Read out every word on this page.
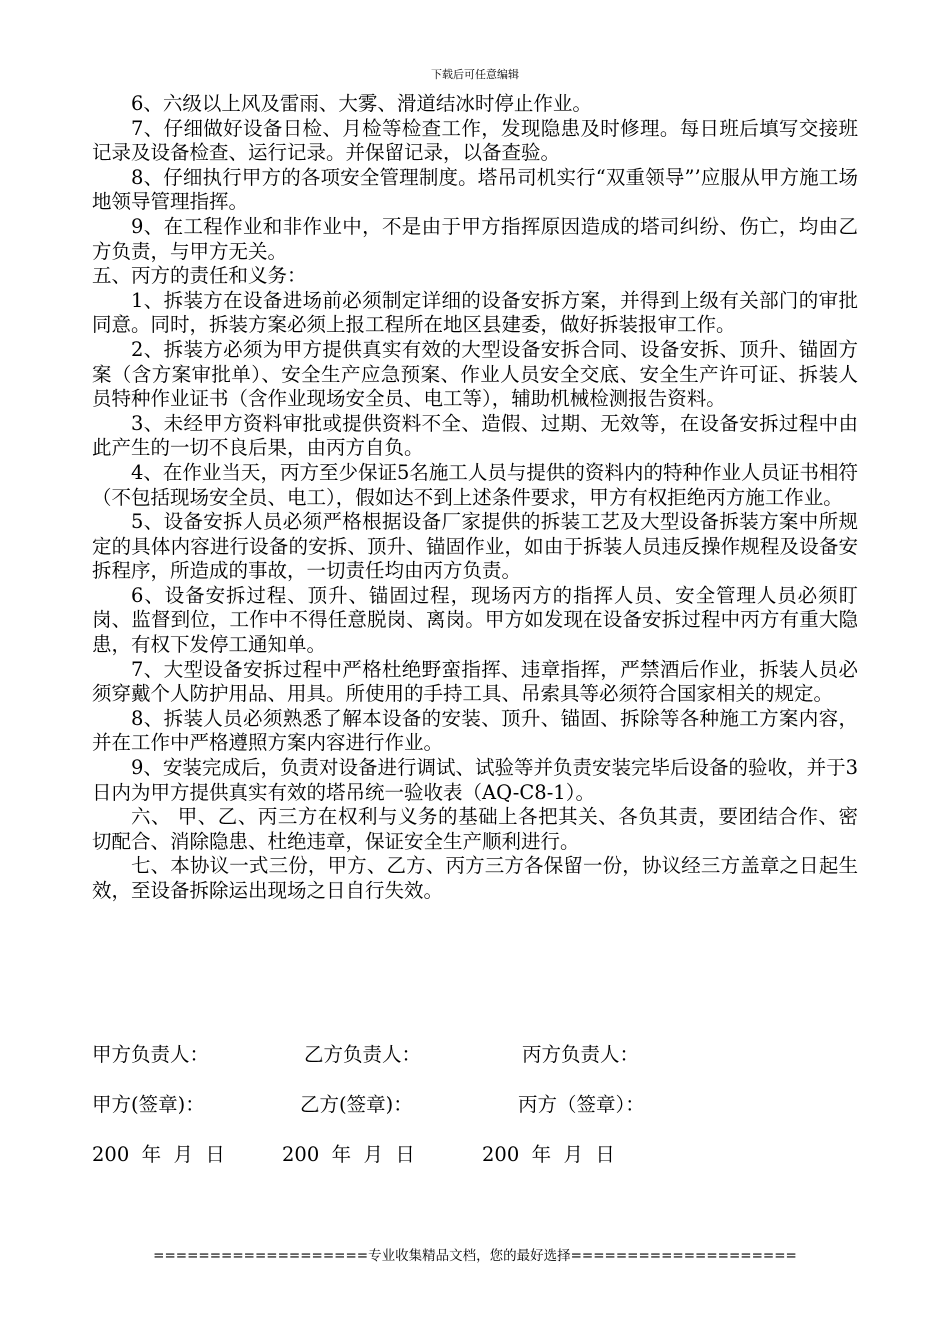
下载后可任意编辑

6、六级以上风及雷雨、大雾、滑道结冰时停止作业。

7、仔细做好设备日检、月检等检查工作，发现隐患及时修理。每日班后填写交接班记录及设备检查、运行记录。并保留记录，以备查验。

8、仔细执行甲方的各项安全管理制度。塔吊司机实行“双重领导”’应服从甲方施工场地领导管理指挥。

9、在工程作业和非作业中，不是由于甲方指挥原因造成的塔司纠纷、伤亡，均由乙方负责，与甲方无关。

五、丙方的责任和义务：

1、拆装方在设备进场前必须制定详细的设备安拆方案，并得到上级有关部门的审批同意。同时，拆装方案必须上报工程所在地区县建委，做好拆装报审工作。

2、拆装方必须为甲方提供真实有效的大型设备安拆合同、设备安拆、顶升、锚固方案（含方案审批单）、安全生产应急预案、作业人员安全交底、安全生产许可证、拆装人员特种作业证书（含作业现场安全员、电工等），辅助机械检测报告资料。

3、未经甲方资料审批或提供资料不全、造假、过期、无效等，在设备安拆过程中由此产生的一切不良后果，由丙方自负。

4、在作业当天，丙方至少保证5名施工人员与提供的资料内的特种作业人员证书相符（不包括现场安全员、电工），假如达不到上述条件要求，甲方有权拒绝丙方施工作业。

5、设备安拆人员必须严格根据设备厂家提供的拆装工艺及大型设备拆装方案中所规定的具体内容进行设备的安拆、顶升、锚固作业，如由于拆装人员违反操作规程及设备安拆程序，所造成的事故，一切责任均由丙方负责。

6、设备安拆过程、顶升、锚固过程，现场丙方的指挥人员、安全管理人员必须盯岗、监督到位，工作中不得任意脱岗、离岗。甲方如发现在设备安拆过程中丙方有重大隐患，有权下发停工通知单。

7、大型设备安拆过程中严格杜绝野蛮指挥、违章指挥，严禁酒后作业，拆装人员必须穿戴个人防护用品、用具。所使用的手持工具、吊索具等必须符合国家相关的规定。

8、拆装人员必须熟悉了解本设备的安装、顶升、锚固、拆除等各种施工方案内容，并在工作中严格遵照方案内容进行作业。

9、安装完成后，负责对设备进行调试、试验等并负责安装完毕后设备的验收，并于3日内为甲方提供真实有效的塔吊统一验收表（AQ-C8-1）。

六、 甲、乙、丙三方在权利与义务的基础上各把其关、各负其责，要团结合作、密切配合、消除隐患、杜绝违章，保证安全生产顺利进行。

七、本协议一式三份，甲方、乙方、丙方三方各保留一份，协议经三方盖章之日起生效，至设备拆除运出现场之日自行失效。

甲方负责人：	乙方负责人：	丙方负责人：
甲方(签章)：	乙方(签章)：	丙方（签章）：
200  年  月  日	200  年  月  日	200  年  月  日
===================专业收集精品文档，您的最好选择====================
